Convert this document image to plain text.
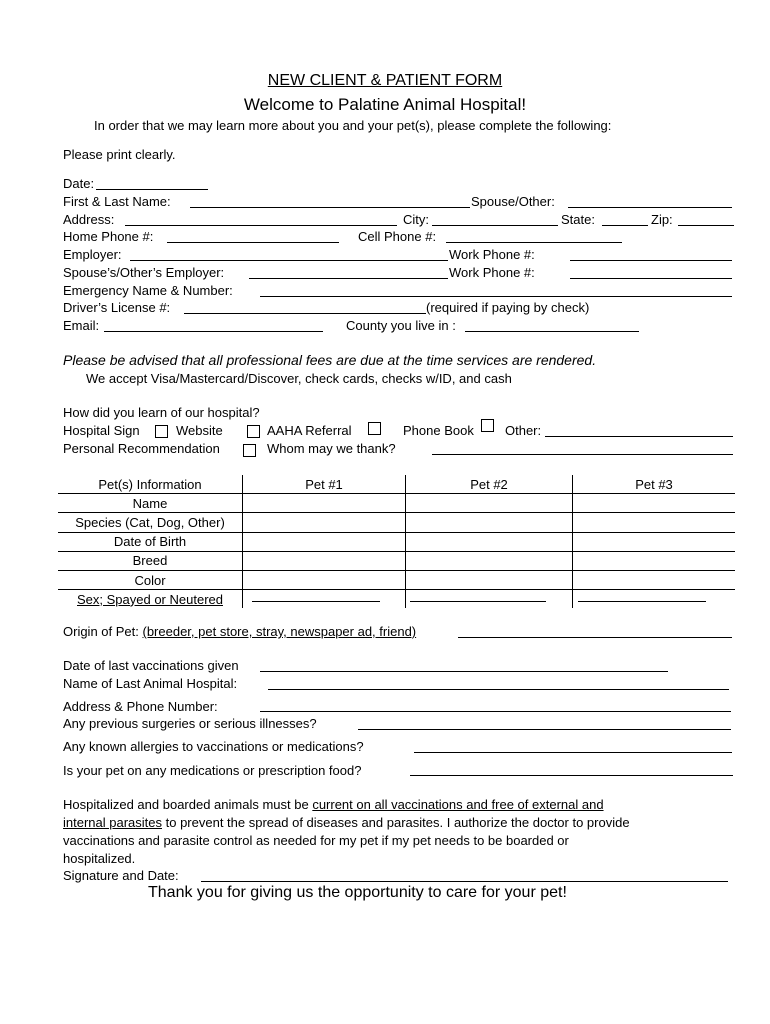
NEW CLIENT & PATIENT FORM
Welcome to Palatine Animal Hospital!
In order that we may learn more about you and your pet(s), please complete the following:
Please print clearly.
Date:
First & Last Name:	Spouse/Other:
Address:	City:	State:	Zip:
Home Phone #:	Cell Phone #:
Employer:	Work Phone #:
Spouse’s/Other’s Employer:	Work Phone #:
Emergency Name & Number:
Driver’s License #:	(required if paying by check)
Email:	County you live in :
Please be advised that all professional fees are due at the time services are rendered.
We accept Visa/Mastercard/Discover, check cards, checks w/ID, and cash
How did you learn of our hospital?
Hospital Sign	Website	AAHA Referral	Phone Book Other:
Personal Recommendation	Whom may we thank?
Pet(s) Information	Pet #1	Pet #2	Pet #3
Name			
Species (Cat, Dog, Other)			
Date of Birth			
Breed			
Color			
Sex; Spayed or Neutered			
Origin of Pet: (breeder, pet store, stray, newspaper ad, friend)
Date of last vaccinations given
Name of Last Animal Hospital:
Address & Phone Number:
Any previous surgeries or serious illnesses?
Any known allergies to vaccinations or medications?
Is your pet on any medications or prescription food?
Hospitalized and boarded animals must be current on all vaccinations and free of external and
internal parasites to prevent the spread of diseases and parasites. I authorize the doctor to provide
vaccinations and parasite control as needed for my pet if my pet needs to be boarded or
hospitalized.
Signature and Date:
Thank you for giving us the opportunity to care for your pet!
